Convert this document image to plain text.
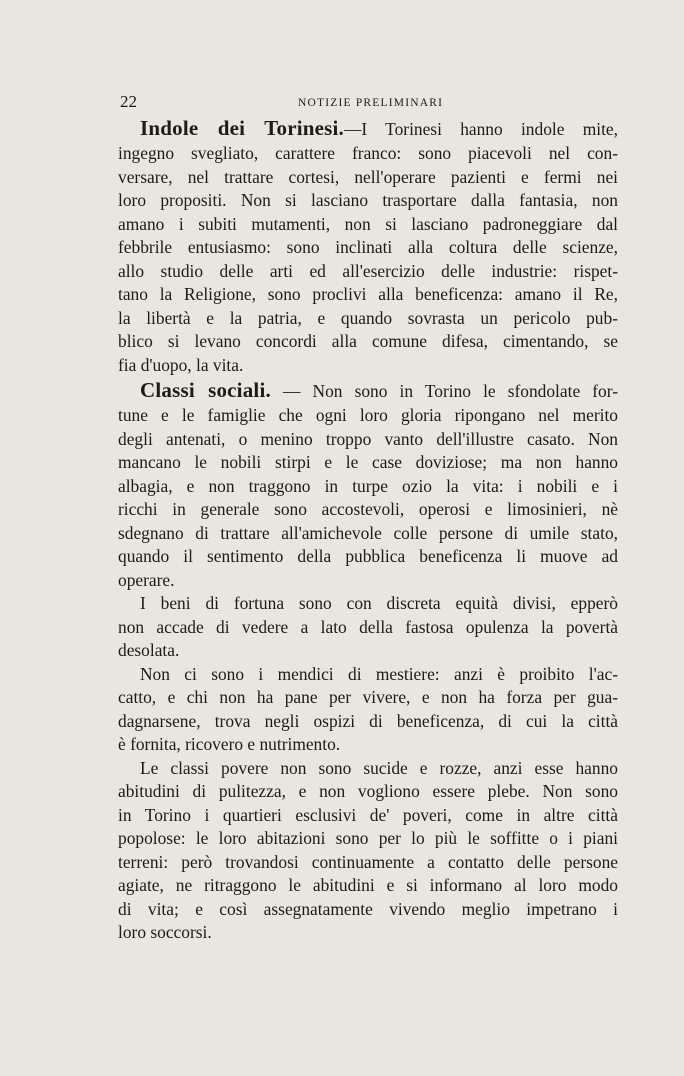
22	NOTIZIE PRELIMINARI
Indole dei Torinesi.—I Torinesi hanno indole mite,
ingegno svegliato, carattere franco: sono piacevoli nel con-
versare, nel trattare cortesi, nell'operare pazienti e fermi nei
loro propositi. Non si lasciano trasportare dalla fantasia, non
amano i subiti mutamenti, non si lasciano padroneggiare dal
febbrile entusiasmo: sono inclinati alla coltura delle scienze,
allo studio delle arti ed all'esercizio delle industrie: rispet-
tano la Religione, sono proclivi alla beneficenza: amano il Re,
la libertà e la patria, e quando sovrasta un pericolo pub-
blico si levano concordi alla comune difesa, cimentando, se
fia d'uopo, la vita.
Classi sociali. — Non sono in Torino le sfondolate for-
tune e le famiglie che ogni loro gloria ripongano nel merito
degli antenati, o menino troppo vanto dell'illustre casato. Non
mancano le nobili stirpi e le case doviziose; ma non hanno
albagia, e non traggono in turpe ozio la vita: i nobili e i
ricchi in generale sono accostevoli, operosi e limosinieri, nè
sdegnano di trattare all'amichevole colle persone di umile stato,
quando il sentimento della pubblica beneficenza li muove ad
operare.
I beni di fortuna sono con discreta equità divisi, epperò
non accade di vedere a lato della fastosa opulenza la povertà
desolata.
Non ci sono i mendici di mestiere: anzi è proibito l'ac-
catto, e chi non ha pane per vivere, e non ha forza per gua-
dagnarsene, trova negli ospizi di beneficenza, di cui la città
è fornita, ricovero e nutrimento.
Le classi povere non sono sucide e rozze, anzi esse hanno
abitudini di pulitezza, e non vogliono essere plebe. Non sono
in Torino i quartieri esclusivi de' poveri, come in altre città
popolose: le loro abitazioni sono per lo più le soffitte o i piani
terreni: però trovandosi continuamente a contatto delle persone
agiate, ne ritraggono le abitudini e si informano al loro modo
di vita; e così assegnatamente vivendo meglio impetrano i
loro soccorsi.
